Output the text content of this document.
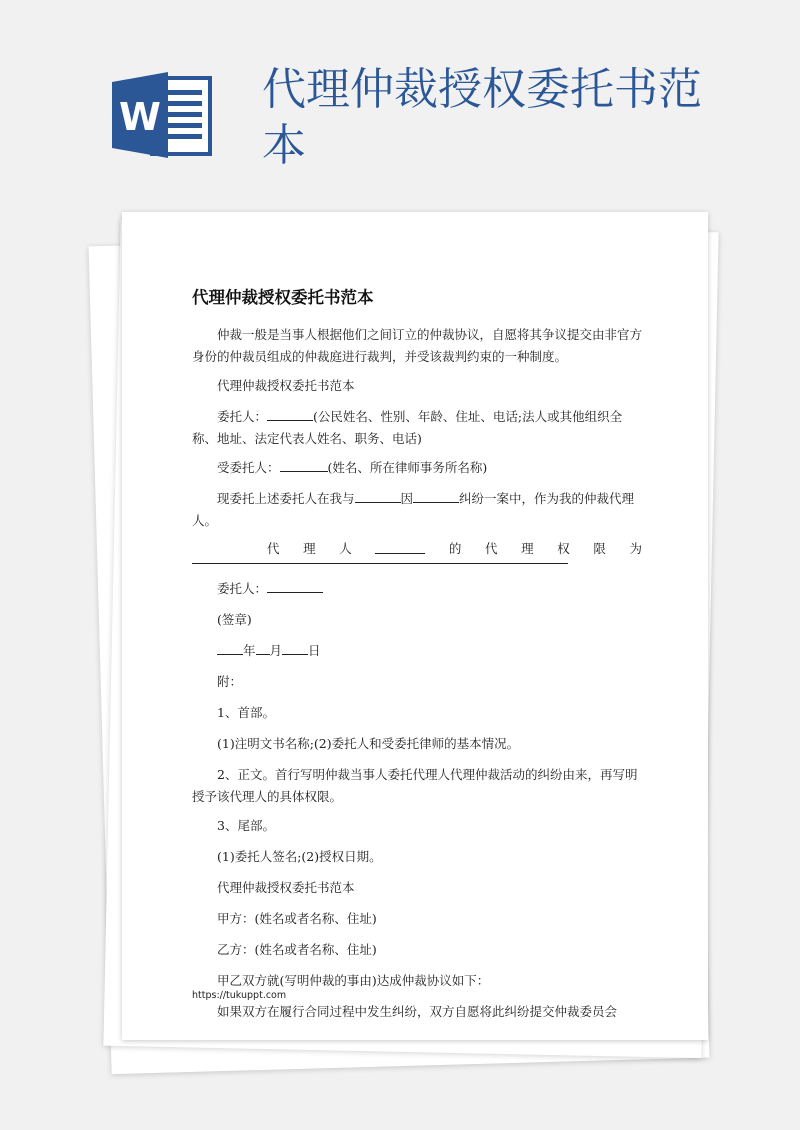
W
代理仲裁授权委托书范本
代理仲裁授权委托书范本

仲裁一般是当事人根据他们之间订立的仲裁协议，自愿将其争议提交由非官方身份的仲裁员组成的仲裁庭进行裁判，并受该裁判约束的一种制度。

代理仲裁授权委托书范本

委托人：	(公民姓名、性别、年龄、住址、电话;法人或其他组织全称、地址、法定代表人姓名、职务、电话)

受委托人：	(姓名、所在律师事务所名称)

现委托上述委托人在我与	因	纠纷一案中，作为我的仲裁代理人。

代 理 人	的 代 理 权 限 为

委托人：

(签章)

年 月 日

附：

1、首部。

(1)注明文书名称;(2)委托人和受委托律师的基本情况。

2、正文。首行写明仲裁当事人委托代理人代理仲裁活动的纠纷由来，再写明授予该代理人的具体权限。

3、尾部。

(1)委托人签名;(2)授权日期。

代理仲裁授权委托书范本

甲方：(姓名或者名称、住址)

乙方：(姓名或者名称、住址)

甲乙双方就(写明仲裁的事由)达成仲裁协议如下：

如果双方在履行合同过程中发生纠纷，双方自愿将此纠纷提交仲裁委员会

https://tukuppt.com
